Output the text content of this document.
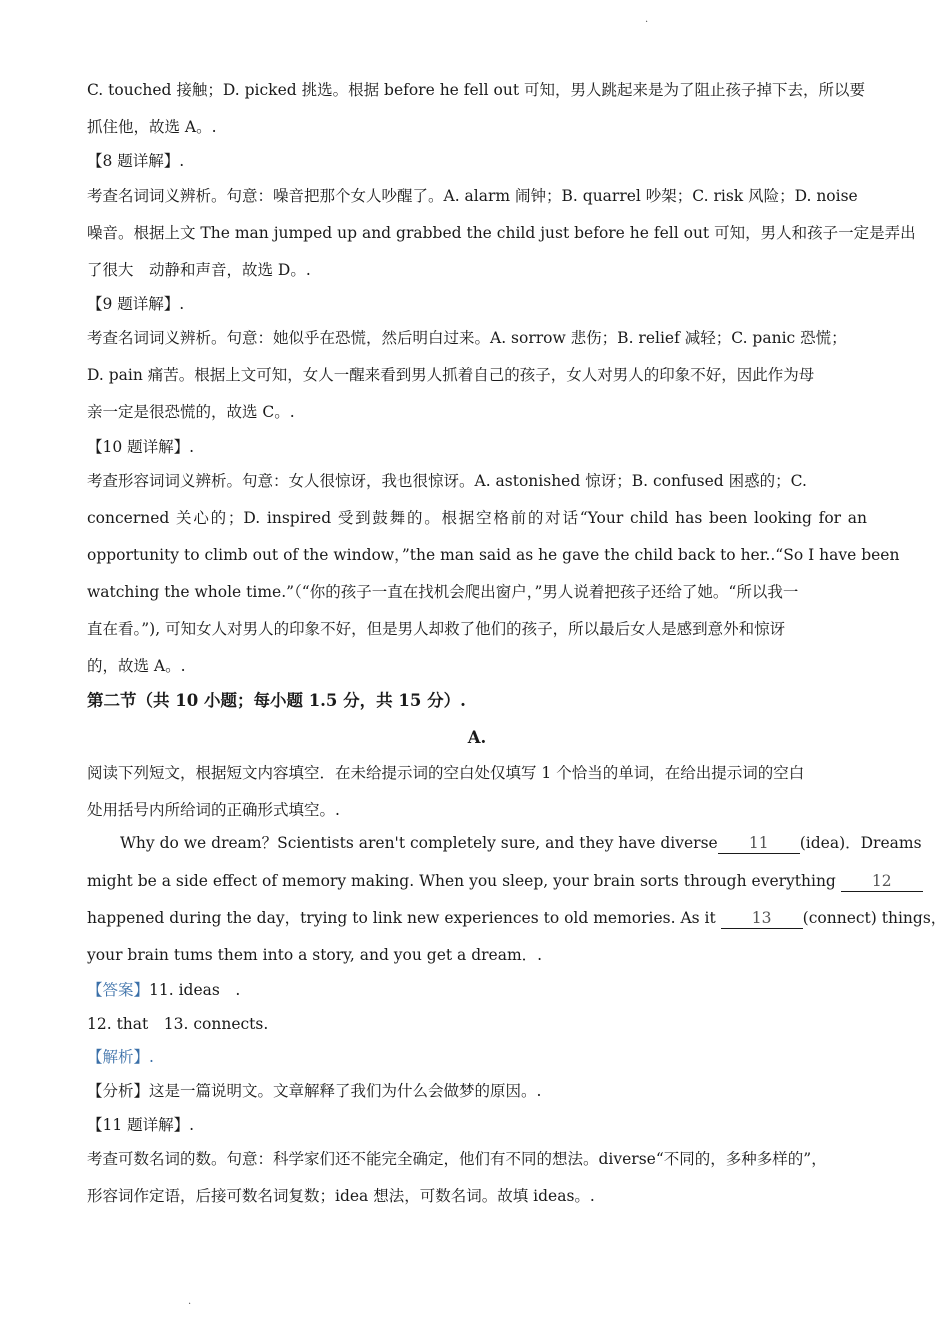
.
C. touched 接触；D. picked 挑选。根据 before he fell out 可知，男人跳起来是为了阻止孩子掉下去，所以要
抓住他，故选 A。.
【8 题详解】.
考查名词词义辨析。句意：噪音把那个女人吵醒了。A. alarm 闹钟；B. quarrel 吵架；C. risk 风险；D. noise
噪音。根据上文 The man jumped up and grabbed the child just before he fell out 可知，男人和孩子一定是弄出
了很大　动静和声音，故选 D。.
【9 题详解】.
考查名词词义辨析。句意：她似乎在恐慌，然后明白过来。A. sorrow 悲伤；B. relief 减轻；C. panic 恐慌；
D. pain 痛苦。根据上文可知，女人一醒来看到男人抓着自己的孩子，女人对男人的印象不好，因此作为母
亲一定是很恐慌的，故选 C。.
【10 题详解】.
考查形容词词义辨析。句意：女人很惊讶，我也很惊讶。A. astonished 惊讶；B. confused 困惑的；C.
concerned 关心的；D. inspired 受到鼓舞的。根据空格前的对话“Your child has been looking for an
opportunity to climb out of the window，”the man said as he gave the child back to her..“So I have been
watching the whole time.”（“你的孩子一直在找机会爬出窗户，”男人说着把孩子还给了她。“所以我一
直在看。”), 可知女人对男人的印象不好，但是男人却救了他们的孩子，所以最后女人是感到意外和惊讶
的，故选 A。.
第二节（共 10 小题；每小题 1.5 分，共 15 分）.
A.
阅读下列短文，根据短文内容填空．在未给提示词的空白处仅填写 1 个恰当的单词，在给出提示词的空白
处用括号内所给词的正确形式填空。.
Why do we dream？Scientists aren't completely sure, and they have diverse 11 (idea)．Dreams
might be a side effect of memory making. When you sleep, your brain sorts through everything 12
happened during the day，trying to link new experiences to old memories. As it 13 (connect) things，
your brain tums them into a story, and you get a dream．.
【答案】11. ideas　.
12. that　13. connects.
【解析】.
【分析】这是一篇说明文。文章解释了我们为什么会做梦的原因。.
【11 题详解】.
考查可数名词的数。句意：科学家们还不能完全确定，他们有不同的想法。diverse“不同的，多种多样的”，
形容词作定语，后接可数名词复数；idea 想法，可数名词。故填 ideas。.
.
